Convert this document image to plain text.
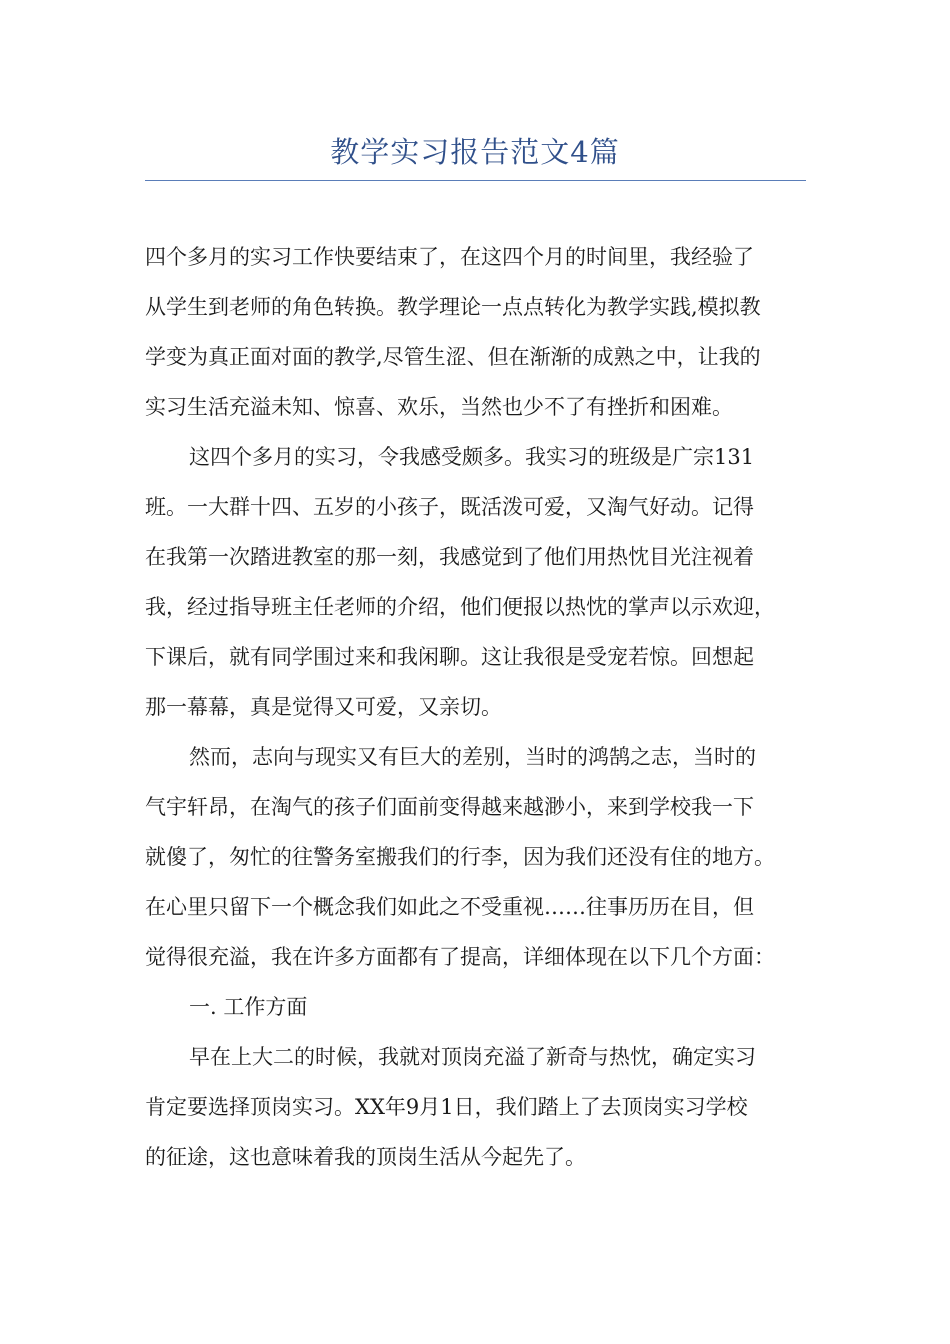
教学实习报告范文4篇
四个多月的实习工作快要结束了，在这四个月的时间里，我经验了
从学生到老师的角色转换。教学理论一点点转化为教学实践,模拟教
学变为真正面对面的教学,尽管生涩、但在渐渐的成熟之中，让我的
实习生活充溢未知、惊喜、欢乐，当然也少不了有挫折和困难。
这四个多月的实习，令我感受颇多。我实习的班级是广宗131
班。一大群十四、五岁的小孩子，既活泼可爱，又淘气好动。记得
在我第一次踏进教室的那一刻，我感觉到了他们用热忱目光注视着
我，经过指导班主任老师的介绍，他们便报以热忱的掌声以示欢迎，
下课后，就有同学围过来和我闲聊。这让我很是受宠若惊。回想起
那一幕幕，真是觉得又可爱，又亲切。
然而，志向与现实又有巨大的差别，当时的鸿鹄之志，当时的
气宇轩昂，在淘气的孩子们面前变得越来越渺小，来到学校我一下
就傻了，匆忙的往警务室搬我们的行李，因为我们还没有住的地方。
在心里只留下一个概念我们如此之不受重视……往事历历在目，但
觉得很充溢，我在许多方面都有了提高，详细体现在以下几个方面：
一. 工作方面
早在上大二的时候，我就对顶岗充溢了新奇与热忱，确定实习
肯定要选择顶岗实习。XX年9月1日，我们踏上了去顶岗实习学校
的征途，这也意味着我的顶岗生活从今起先了。
